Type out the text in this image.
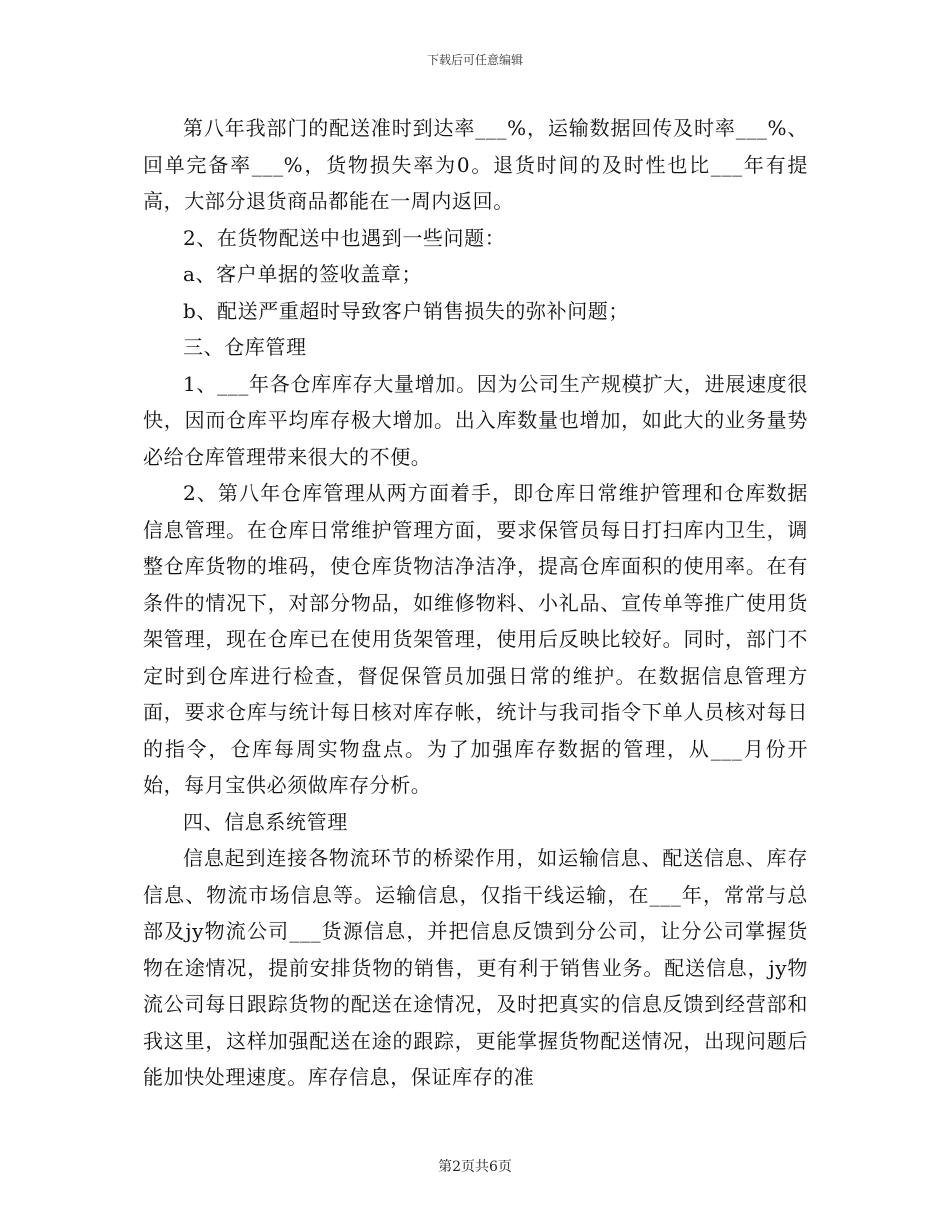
下载后可任意编辑

第八年我部门的配送准时到达率___%，运输数据回传及时率___%、回单完备率___%，货物损失率为0。退货时间的及时性也比___年有提高，大部分退货商品都能在一周内返回。

2、在货物配送中也遇到一些问题：

a、客户单据的签收盖章；

b、配送严重超时导致客户销售损失的弥补问题；

三、仓库管理

1、___年各仓库库存大量增加。因为公司生产规模扩大，进展速度很快，因而仓库平均库存极大增加。出入库数量也增加，如此大的业务量势必给仓库管理带来很大的不便。

2、第八年仓库管理从两方面着手，即仓库日常维护管理和仓库数据信息管理。在仓库日常维护管理方面，要求保管员每日打扫库内卫生，调整仓库货物的堆码，使仓库货物洁净洁净，提高仓库面积的使用率。在有条件的情况下，对部分物品，如维修物料、小礼品、宣传单等推广使用货架管理，现在仓库已在使用货架管理，使用后反映比较好。同时，部门不定时到仓库进行检查，督促保管员加强日常的维护。在数据信息管理方面，要求仓库与统计每日核对库存帐，统计与我司指令下单人员核对每日的指令，仓库每周实物盘点。为了加强库存数据的管理，从___月份开始，每月宝供必须做库存分析。

四、信息系统管理

信息起到连接各物流环节的桥梁作用，如运输信息、配送信息、库存信息、物流市场信息等。运输信息，仅指干线运输，在___年，常常与总部及jy物流公司___货源信息，并把信息反馈到分公司，让分公司掌握货物在途情况，提前安排货物的销售，更有利于销售业务。配送信息，jy物流公司每日跟踪货物的配送在途情况，及时把真实的信息反馈到经营部和我这里，这样加强配送在途的跟踪，更能掌握货物配送情况，出现问题后能加快处理速度。库存信息，保证库存的准

第2页共6页
